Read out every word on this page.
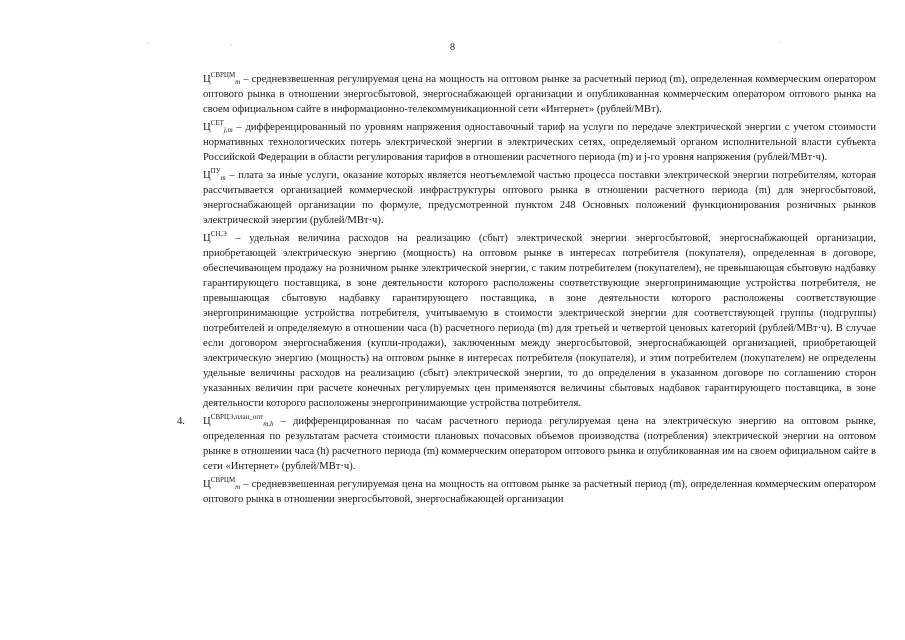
8

$Ц^{СВРЦМ}_m$ – средневзвешенная регулируемая цена на мощность на оптовом рынке за расчетный период (m), определенная коммерческим оператором оптового рынка в отношении энергосбытовой, энергоснабжающей организации и опубликованная коммерческим оператором оптового рынка на своем официальном сайте в информационно-телекоммуникационной сети «Интернет» (рублей/МВт).

$Ц^{СЕТ}_{j,m}$ – дифференцированный по уровням напряжения одноставочный тариф на услуги по передаче электрической энергии с учетом стоимости нормативных технологических потерь электрической энергии в электрических сетях, определяемый органом исполнительной власти субъекта Российской Федерации в области регулирования тарифов в отношении расчетного периода (m) и j-го уровня напряжения (рублей/МВт·ч).

$Ц^{ПУ}_m$ – плата за иные услуги, оказание которых является неотъемлемой частью процесса поставки электрической энергии потребителям, которая рассчитывается организацией коммерческой инфраструктуры оптового рынка в отношении расчетного периода (m) для энергосбытовой, энергоснабжающей организации по формуле, предусмотренной пунктом 248 Основных положений функционирования розничных рынков электрической энергии (рублей/МВт·ч).

$Ц^{СН,Э}$ – удельная величина расходов на реализацию (сбыт) электрической энергии энергосбытовой, энергоснабжающей организации, приобретающей электрическую энергию (мощность) на оптовом рынке в интересах потребителя (покупателя), определенная в договоре, обеспечивающем продажу на розничном рынке электрической энергии, с таким потребителем (покупателем), не превышающая сбытовую надбавку гарантирующего поставщика, в зоне деятельности которого расположены соответствующие энергопринимающие устройства потребителя, не превышающая сбытовую надбавку гарантирующего поставщика, в зоне деятельности которого расположены соответствующие энергопринимающие устройства потребителя, учитываемую в стоимости электрической энергии для соответствующей группы (подгруппы) потребителей и определяемую в отношении часа (h) расчетного периода (m) для третьей и четвертой ценовых категорий (рублей/МВт·ч). В случае если договором энергоснабжения (купли-продажи), заключенным между энергосбытовой, энергоснабжающей организацией, приобретающей электрическую энергию (мощность) на оптовом рынке в интересах потребителя (покупателя), и этим потребителем (покупателем) не определены удельные величины расходов на реализацию (сбыт) электрической энергии, то до определения в указанном договоре по соглашению сторон указанных величин при расчете конечных регулируемых цен применяются величины сбытовых надбавок гарантирующего поставщика, в зоне деятельности которого расположены энергопринимающие устройства потребителя.

4. $Ц^{СВРЦЭ,план\_опт}_{m,h}$ – дифференцированная по часам расчетного периода регулируемая цена на электрическую энергию на оптовом рынке, определенная по результатам расчета стоимости плановых почасовых объемов производства (потребления) электрической энергии на оптовом рынке в отношении часа (h) расчетного периода (m) коммерческим оператором оптового рынка и опубликованная им на своем официальном сайте в сети «Интернет» (рублей/МВт·ч).

$Ц^{СВРЦМ}_m$ – средневзвешенная регулируемая цена на мощность на оптовом рынке за расчетный период (m), определенная коммерческим оператором оптового рынка в отношении энергосбытовой, энергоснабжающей организации
